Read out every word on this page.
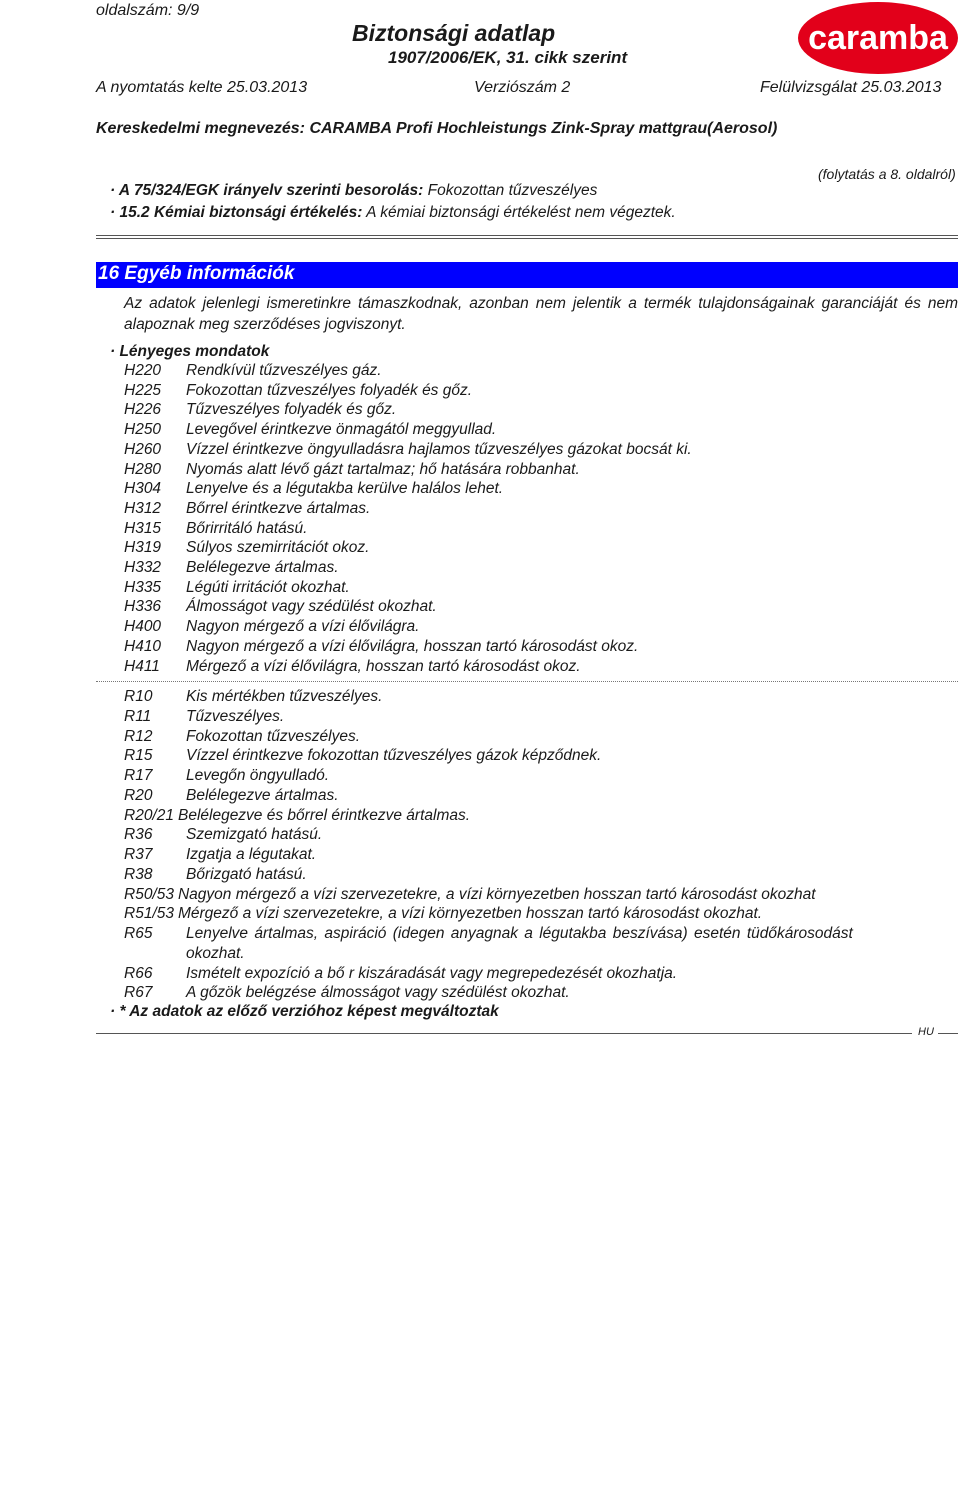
oldalszám: 9/9
Biztonsági adatlap
1907/2006/EK, 31. cikk szerint
A nyomtatás kelte 25.03.2013	Verziószám 2	Felülvizsgálat 25.03.2013
Kereskedelmi megnevezés: CARAMBA Profi Hochleistungs Zink-Spray mattgrau(Aerosol)
caramba
(folytatás a 8. oldalról)
· A 75/324/EGK irányelv szerinti besorolás: Fokozottan tűzveszélyes
· 15.2 Kémiai biztonsági értékelés: A kémiai biztonsági értékelést nem végeztek.
16 Egyéb információk
Az adatok jelenlegi ismeretinkre támaszkodnak, azonban nem jelentik a termék tulajdonságainak garanciáját és nem alapoznak meg szerződéses jogviszonyt.
· Lényeges mondatok
H220 Rendkívül tűzveszélyes gáz.
H225 Fokozottan tűzveszélyes folyadék és gőz.
H226 Tűzveszélyes folyadék és gőz.
H250 Levegővel érintkezve önmagától meggyullad.
H260 Vízzel érintkezve öngyulladásra hajlamos tűzveszélyes gázokat bocsát ki.
H280 Nyomás alatt lévő gázt tartalmaz; hő hatására robbanhat.
H304 Lenyelve és a légutakba kerülve halálos lehet.
H312 Bőrrel érintkezve ártalmas.
H315 Bőrirritáló hatású.
H319 Súlyos szemirritációt okoz.
H332 Belélegezve ártalmas.
H335 Légúti irritációt okozhat.
H336 Álmosságot vagy szédülést okozhat.
H400 Nagyon mérgező a vízi élővilágra.
H410 Nagyon mérgező a vízi élővilágra, hosszan tartó károsodást okoz.
H411 Mérgező a vízi élővilágra, hosszan tartó károsodást okoz.
R10 Kis mértékben tűzveszélyes.
R11 Tűzveszélyes.
R12 Fokozottan tűzveszélyes.
R15 Vízzel érintkezve fokozottan tűzveszélyes gázok képződnek.
R17 Levegőn öngyulladó.
R20 Belélegezve ártalmas.
R20/21 Belélegezve és bőrrel érintkezve ártalmas.
R36 Szemizgató hatású.
R37 Izgatja a légutakat.
R38 Bőrizgató hatású.
R50/53 Nagyon mérgező a vízi szervezetekre, a vízi környezetben hosszan tartó károsodást okozhat
R51/53 Mérgező a vízi szervezetekre, a vízi környezetben hosszan tartó károsodást okozhat.
R65 Lenyelve ártalmas, aspiráció (idegen anyagnak a légutakba beszívása) esetén tüdőkárosodást
okozhat.
R66 Ismételt expozíció a bő r kiszáradását vagy megrepedezését okozhatja.
R67 A gőzök belégzése álmosságot vagy szédülést okozhat.
· * Az adatok az előző verzióhoz képest megváltoztak
HU
